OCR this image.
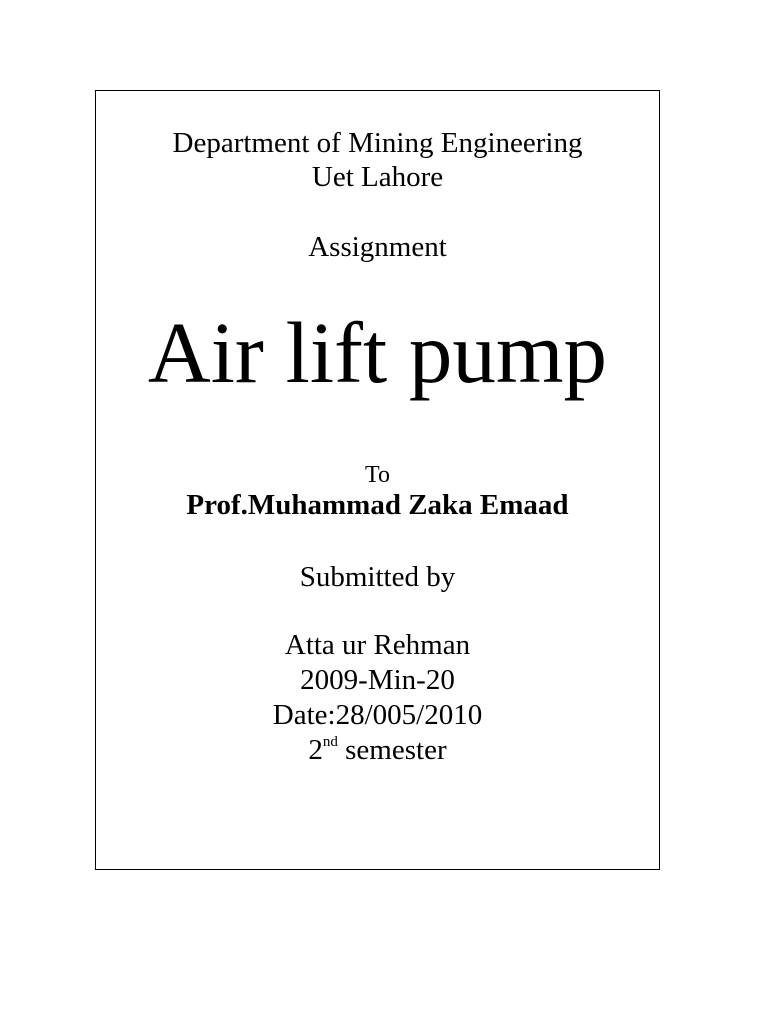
Department of Mining Engineering
Uet Lahore
Assignment
Air lift pump
To
Prof.Muhammad Zaka Emaad
Submitted by
Atta ur Rehman
2009-Min-20
Date:28/005/2010
2nd semester
